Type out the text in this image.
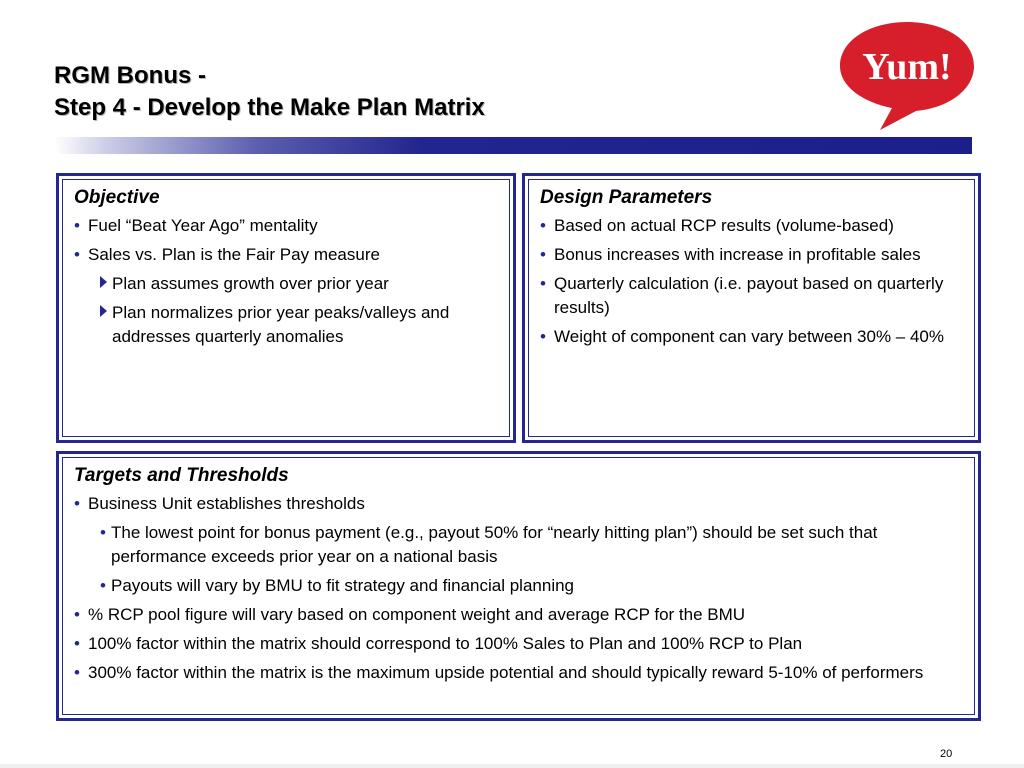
RGM Bonus -
Step 4 - Develop the Make Plan Matrix
Yum!
Objective
• Fuel “Beat Year Ago” mentality
• Sales vs. Plan is the Fair Pay measure
Plan assumes growth over prior year
Plan normalizes prior year peaks/valleys and addresses quarterly anomalies
Design Parameters
• Based on actual RCP results (volume-based)
• Bonus increases with increase in profitable sales
• Quarterly calculation (i.e. payout based on quarterly results)
• Weight of component can vary between 30% – 40%
Targets and Thresholds
• Business Unit establishes thresholds
• The lowest point for bonus payment (e.g., payout 50% for “nearly hitting plan”) should be set such that performance exceeds prior year on a national basis
• Payouts will vary by BMU to fit strategy and financial planning
• % RCP pool figure will vary based on component weight and average RCP for the BMU
• 100% factor within the matrix should correspond to 100% Sales to Plan and 100% RCP to Plan
• 300% factor within the matrix is the maximum upside potential and should typically reward 5-10% of performers
20
